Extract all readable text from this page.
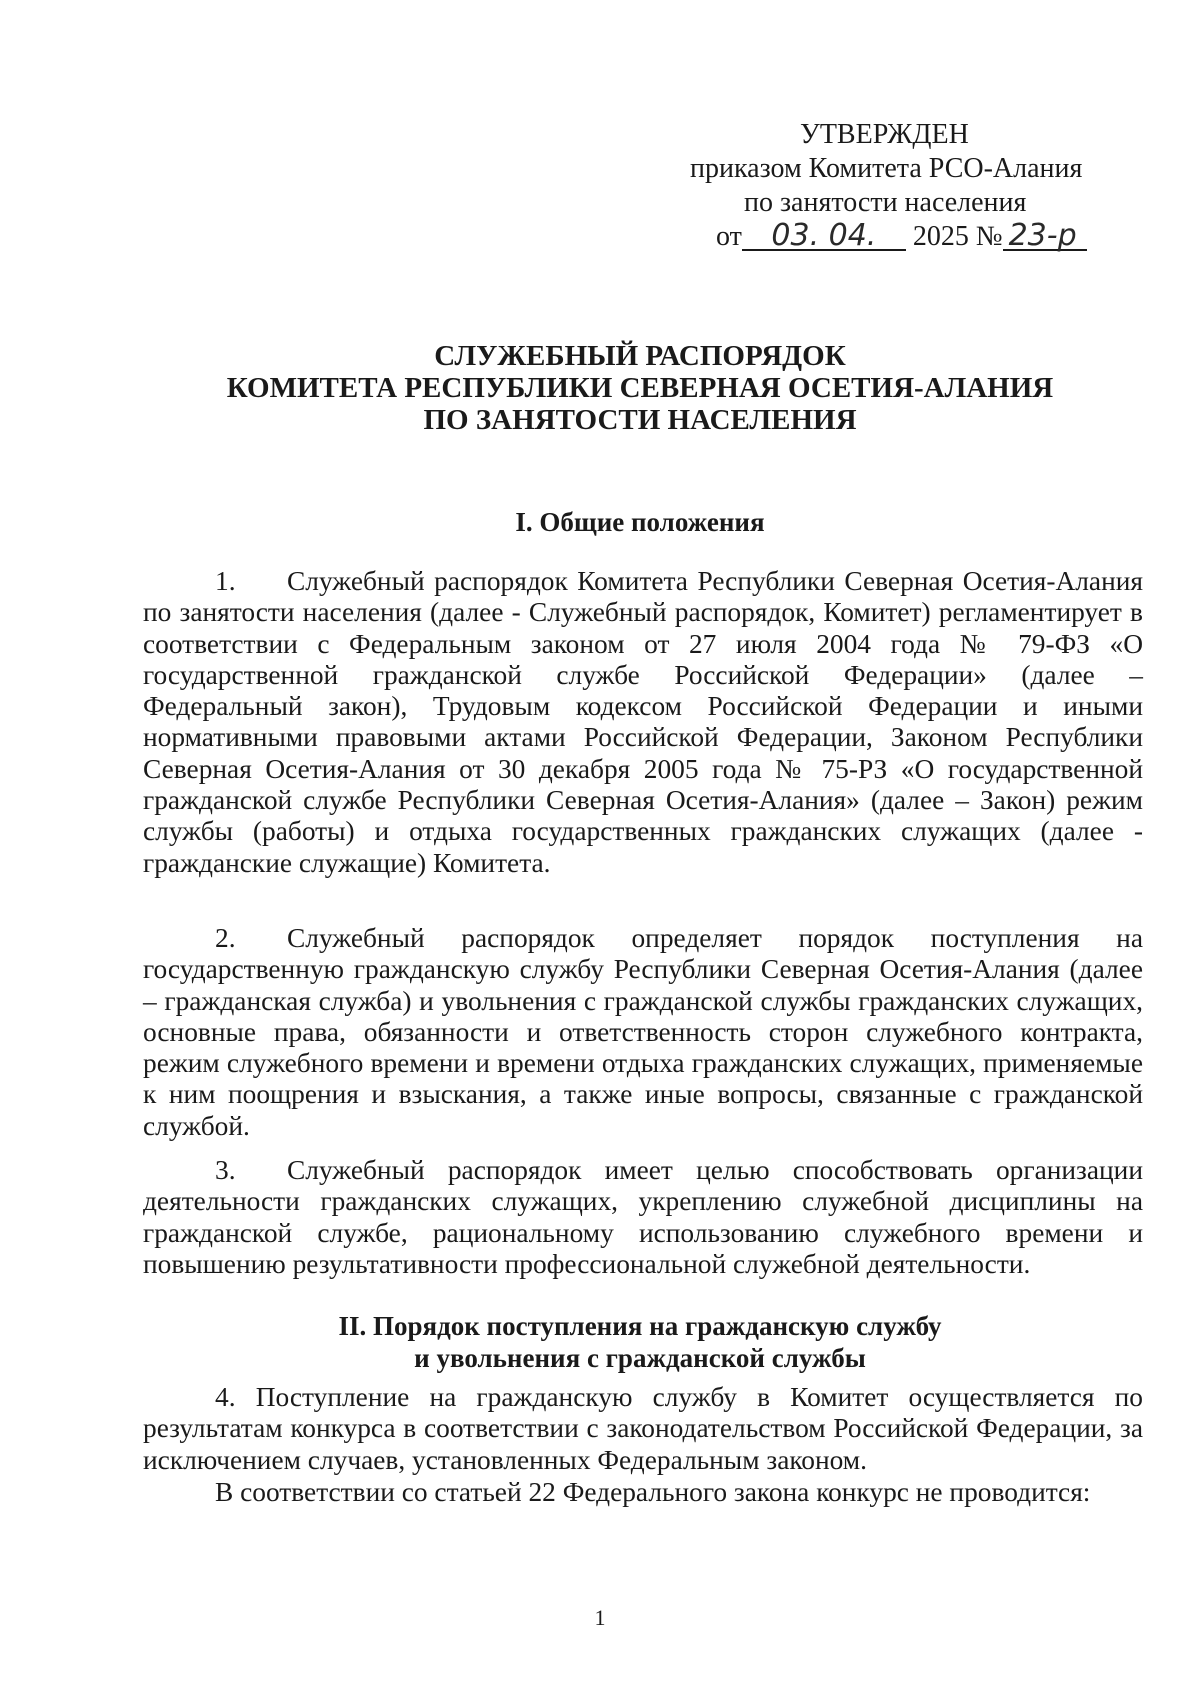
УТВЕРЖДЕН
приказом Комитета РСО-Алания
по занятости населения
от 03. 04. 2025 № 23-р
СЛУЖЕБНЫЙ РАСПОРЯДОК
КОМИТЕТА РЕСПУБЛИКИ СЕВЕРНАЯ ОСЕТИЯ-АЛАНИЯ
ПО ЗАНЯТОСТИ НАСЕЛЕНИЯ
I. Общие положения

1. Служебный распорядок Комитета Республики Северная Осетия-Алания по занятости населения (далее - Служебный распорядок, Комитет) регламентирует в соответствии с Федеральным законом от 27 июля 2004 года № 79-ФЗ «О государственной гражданской службе Российской Федерации» (далее – Федеральный закон), Трудовым кодексом Российской Федерации и иными нормативными правовыми актами Российской Федерации, Законом Республики Северная Осетия-Алания от 30 декабря 2005 года № 75-РЗ «О государственной гражданской службе Республики Северная Осетия-Алания» (далее – Закон) режим службы (работы) и отдыха государственных гражданских служащих (далее - гражданские служащие) Комитета.

2. Служебный распорядок определяет порядок поступления на государственную гражданскую службу Республики Северная Осетия-Алания (далее – гражданская служба) и увольнения с гражданской службы гражданских служащих, основные права, обязанности и ответственность сторон служебного контракта, режим служебного времени и времени отдыха гражданских служащих, применяемые к ним поощрения и взыскания, а также иные вопросы, связанные с гражданской службой.

3. Служебный распорядок имеет целью способствовать организации деятельности гражданских служащих, укреплению служебной дисциплины на гражданской службе, рациональному использованию служебного времени и повышению результативности профессиональной служебной деятельности.

II. Порядок поступления на гражданскую службу
и увольнения с гражданской службы

4. Поступление на гражданскую службу в Комитет осуществляется по результатам конкурса в соответствии с законодательством Российской Федерации, за исключением случаев, установленных Федеральным законом.

В соответствии со статьей 22 Федерального закона конкурс не проводится:

1
